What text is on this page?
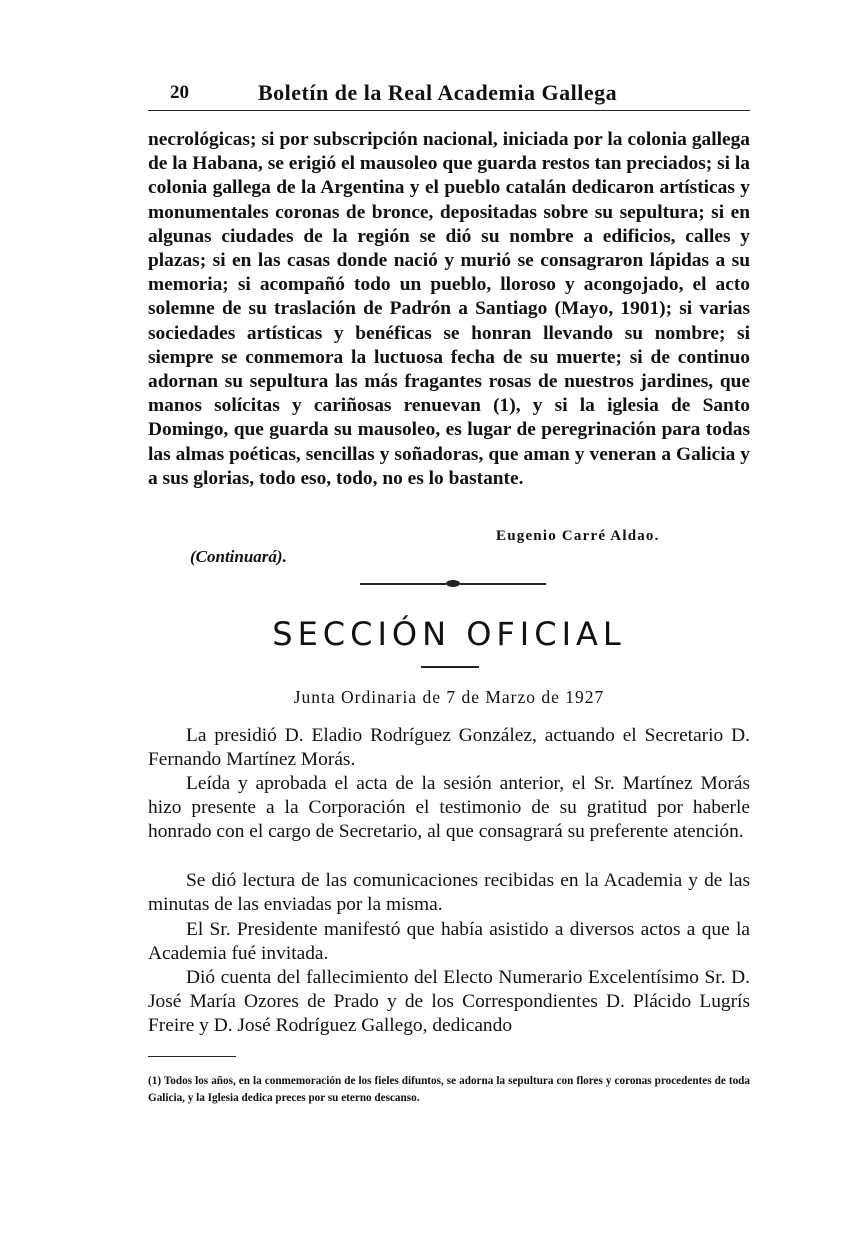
20	Boletín de la Real Academia Gallega

necrológicas; si por subscripción nacional, iniciada por la colonia gallega de la Habana, se erigió el mausoleo que guarda restos tan preciados; si la colonia gallega de la Argentina y el pueblo catalán dedicaron artísticas y monumentales coronas de bronce, depositadas sobre su sepultura; si en algunas ciudades de la región se dió su nombre a edificios, calles y plazas; si en las casas donde nació y murió se consagraron lápidas a su memoria; si acompañó todo un pueblo, lloroso y acongojado, el acto solemne de su traslación de Padrón a Santiago (Mayo, 1901); si varias sociedades artísticas y benéficas se honran llevando su nombre; si siempre se conmemora la luctuosa fecha de su muerte; si de continuo adornan su sepultura las más fragantes rosas de nuestros jardines, que manos solícitas y cariñosas renuevan (1), y si la iglesia de Santo Domingo, que guarda su mausoleo, es lugar de peregrinación para todas las almas poéticas, sencillas y soñadoras, que aman y veneran a Galicia y a sus glorias, todo eso, todo, no es lo bastante.

Eugenio Carré Aldao.
(Continuará).
SECCIÓN OFICIAL
Junta Ordinaria de 7 de Marzo de 1927

La presidió D. Eladio Rodríguez González, actuando el Secretario D. Fernando Martínez Morás.

Leída y aprobada el acta de la sesión anterior, el Sr. Martínez Morás hizo presente a la Corporación el testimonio de su gratitud por haberle honrado con el cargo de Secretario, al que consagrará su preferente atención.

Se dió lectura de las comunicaciones recibidas en la Academia y de las minutas de las enviadas por la misma.

El Sr. Presidente manifestó que había asistido a diversos actos a que la Academia fué invitada.

Dió cuenta del fallecimiento del Electo Numerario Excelentísimo Sr. D. José María Ozores de Prado y de los Correspondientes D. Plácido Lugrís Freire y D. José Rodríguez Gallego, dedicando

(1) Todos los años, en la conmemoración de los fieles difuntos, se adorna la sepultura con flores y coronas procedentes de toda Galicia, y la Iglesia dedica preces por su eterno descanso.
